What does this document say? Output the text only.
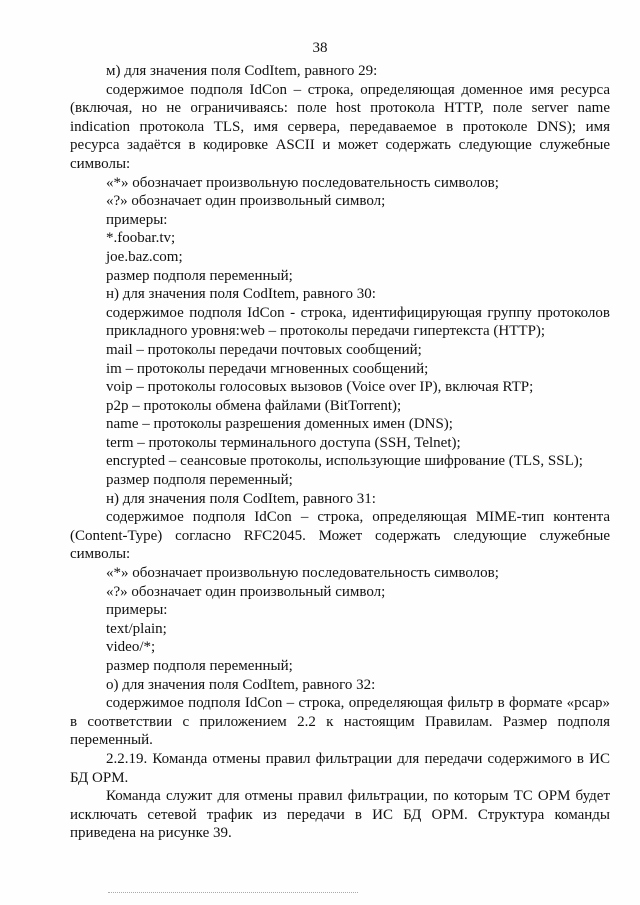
38

м) для значения поля CodItem, равного 29:

содержимое подполя IdCon – строка, определяющая доменное имя ресурса

(включая, но не ограничиваясь: поле host протокола HTTP, поле server name

indication протокола TLS, имя сервера, передаваемое в протоколе DNS); имя

ресурса задаётся в кодировке ASCII и может содержать следующие служебные

символы:

«*» обозначает произвольную последовательность символов;

«?» обозначает один произвольный символ;

примеры:

*.foobar.tv;

joe.baz.com;

размер подполя переменный;

н) для значения поля CodItem, равного 30:

содержимое подполя IdCon - строка, идентифицирующая группу протоколов

прикладного уровня:web – протоколы передачи гипертекста (HTTP);

mail – протоколы передачи почтовых сообщений;

im – протоколы передачи мгновенных сообщений;

voip – протоколы голосовых вызовов (Voice over IP), включая RTP;

p2p – протоколы обмена файлами (BitTorrent);

name – протоколы разрешения доменных имен (DNS);

term – протоколы терминального доступа (SSH, Telnet);

encrypted – сеансовые протоколы, использующие шифрование (TLS, SSL);

размер подполя переменный;

н) для значения поля CodItem, равного 31:

содержимое подполя IdCon – строка, определяющая MIME-тип контента

(Content-Type) согласно RFC2045. Может содержать следующие служебные

символы:

«*» обозначает произвольную последовательность символов;

«?» обозначает один произвольный символ;

примеры:

text/plain;

video/*;

размер подполя переменный;

о) для значения поля CodItem, равного 32:

содержимое подполя IdCon – строка, определяющая фильтр в формате «pcap»

в соответствии с приложением 2.2 к настоящим Правилам. Размер подполя

переменный.

2.2.19. Команда отмены правил фильтрации для передачи содержимого в ИС

БД ОРМ.

Команда служит для отмены правил фильтрации, по которым ТС ОРМ будет

исключать сетевой трафик из передачи в ИС БД ОРМ. Структура команды

приведена на рисунке 39.
